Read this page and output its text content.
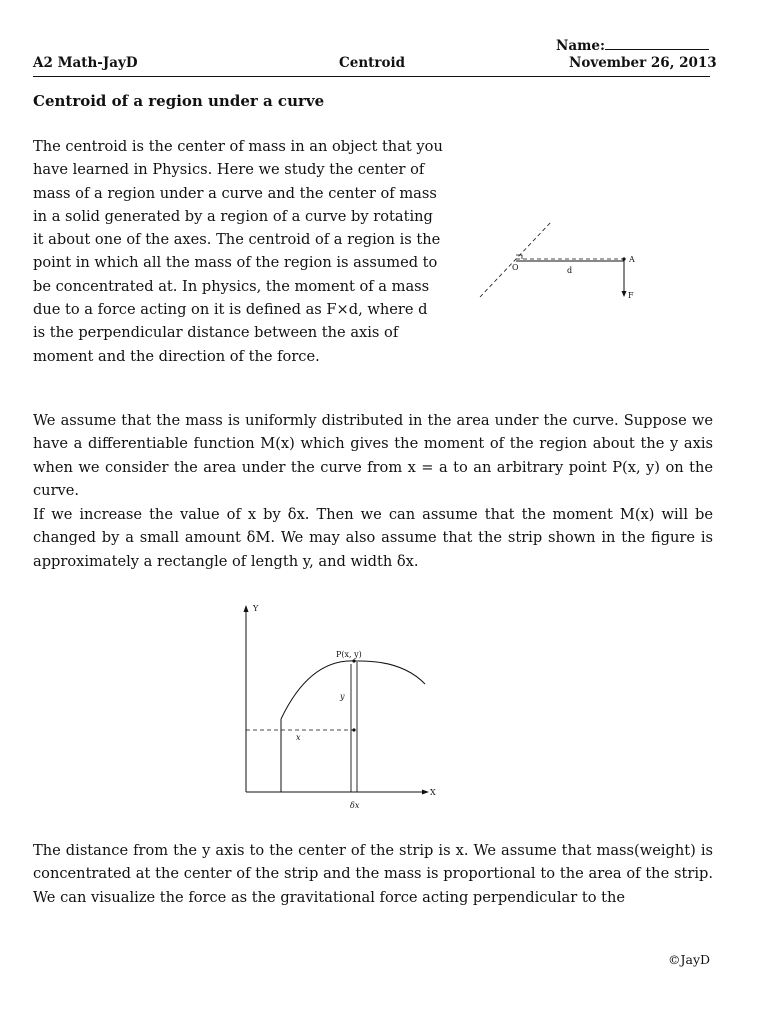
Name:
A2 Math-JayD	Centroid	November 26, 2013
Centroid of a region under a curve

The centroid is the center of mass in an object that you have learned in Physics. Here we study the center of mass of a region under a curve and the center of mass in a solid generated by a region of a curve by rotating it about one of the axes. The centroid of a region is the point in which all the mass of the region is assumed to be concentrated at. In physics, the moment of a mass due to a force acting on it is defined as F×d, where d is the perpendicular distance between the axis of moment and the direction of the force.

O	d
A
F

We assume that the mass is uniformly distributed in the area under the curve. Suppose we have a differentiable function M(x) which gives the moment of the region about the y axis when we consider the area under the curve from x = a to an arbitrary point P(x, y) on the curve.

If we increase the value of x by δx. Then we can assume that the moment M(x) will be changed by a small amount δM. We may also assume that the strip shown in the figure is approximately a rectangle of length y, and width δx.

Y
X
P(x, y)
y
x
δx

The distance from the y axis to the center of the strip is x. We assume that mass(weight) is concentrated at the center of the strip and the mass is proportional to the area of the strip. We can visualize the force as the gravitational force acting perpendicular to the

©JayD
